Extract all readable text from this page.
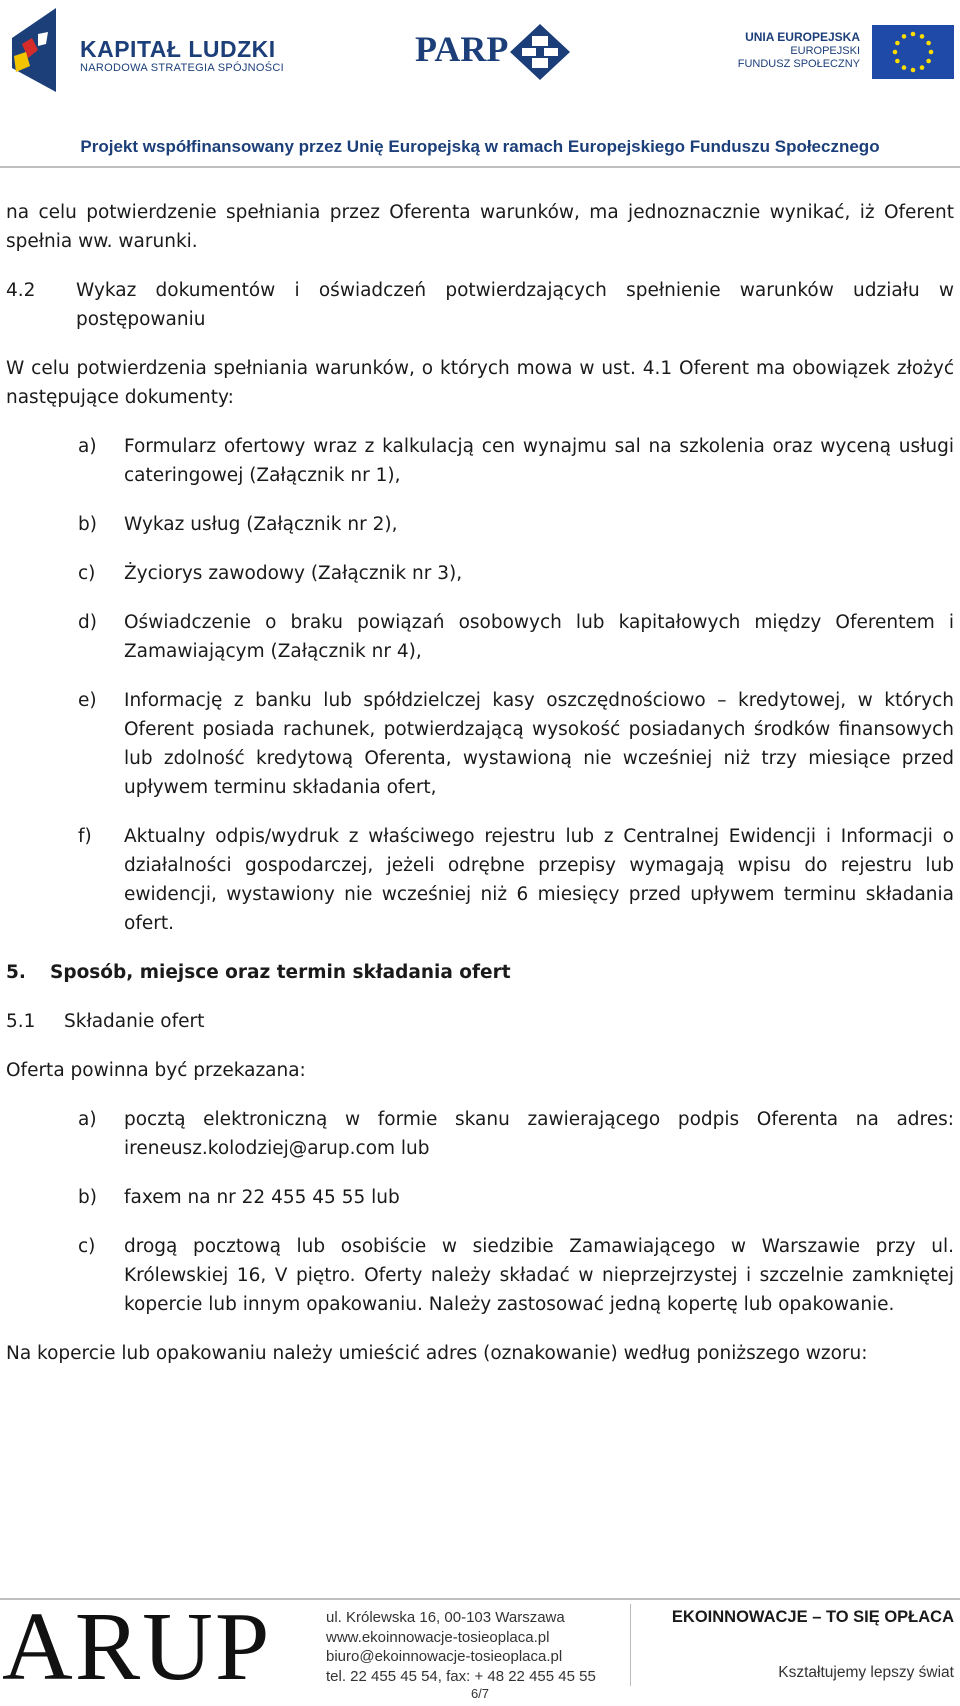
KAPITAŁ LUDZKI
NARODOWA STRATEGIA SPÓJNOŚCI	PARP	UNIA EUROPEJSKA
EUROPEJSKI
FUNDUSZ SPOŁECZNY
Projekt współfinansowany przez Unię Europejską w ramach Europejskiego Funduszu Społecznego

na celu potwierdzenie spełniania przez Oferenta warunków, ma jednoznacznie wynikać, iż Oferent spełnia ww. warunki.

4.2	Wykaz dokumentów i oświadczeń potwierdzających spełnienie warunków udziału w postępowaniu

W celu potwierdzenia spełniania warunków, o których mowa w ust. 4.1 Oferent ma obowiązek złożyć następujące dokumenty:

a)	Formularz ofertowy wraz z kalkulacją cen wynajmu sal na szkolenia oraz wyceną usługi cateringowej (Załącznik nr 1),
b)	Wykaz usług (Załącznik nr 2),
c)	Życiorys zawodowy (Załącznik nr 3),
d)	Oświadczenie o braku powiązań osobowych lub kapitałowych między Oferentem i Zamawiającym (Załącznik nr 4),
e)	Informację z banku lub spółdzielczej kasy oszczędnościowo – kredytowej, w których Oferent posiada rachunek, potwierdzającą wysokość posiadanych środków finansowych lub zdolność kredytową Oferenta, wystawioną nie wcześniej niż trzy miesiące przed upływem terminu składania ofert,
f)	Aktualny odpis/wydruk z właściwego rejestru lub z Centralnej Ewidencji i Informacji o działalności gospodarczej, jeżeli odrębne przepisy wymagają wpisu do rejestru lub ewidencji, wystawiony nie wcześniej niż 6 miesięcy przed upływem terminu składania ofert.
5.	Sposób, miejsce oraz termin składania ofert
5.1	Składanie ofert

Oferta powinna być przekazana:

a)	pocztą elektroniczną w formie skanu zawierającego podpis Oferenta na adres: ireneusz.kolodziej@arup.com lub
b)	faxem na nr 22 455 45 55 lub
c)	drogą pocztową lub osobiście w siedzibie Zamawiającego w Warszawie przy ul. Królewskiej 16, V piętro. Oferty należy składać w nieprzejrzystej i szczelnie zamkniętej kopercie lub innym opakowaniu. Należy zastosować jedną kopertę lub opakowanie.

Na kopercie lub opakowaniu należy umieścić adres (oznakowanie) według poniższego wzoru:

ARUP	ul. Królewska 16, 00-103 Warszawa
www.ekoinnowacje-tosieoplaca.pl
biuro@ekoinnowacje-tosieoplaca.pl
tel. 22 455 45 54, fax: + 48 22 455 45 55
EKOINNOWACJE – TO SIĘ OPŁACA
Kształtujemy lepszy świat
6/7
